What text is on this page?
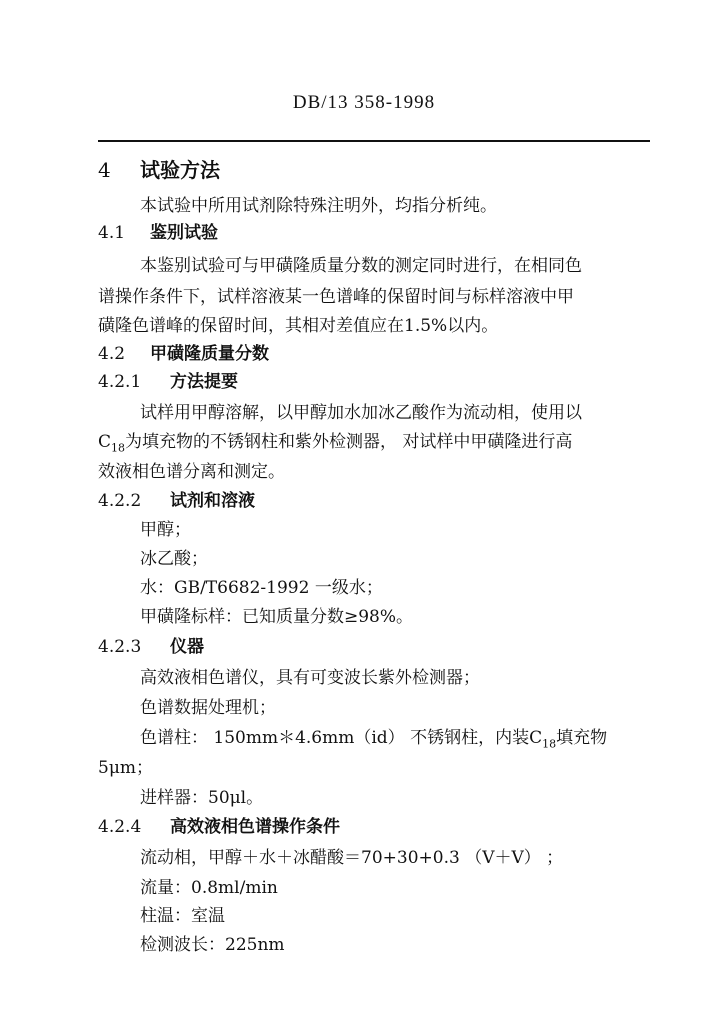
DB/13 358-1998
4 试验方法
本试验中所用试剂除特殊注明外，均指分析纯。
4.1 鉴别试验
本鉴别试验可与甲磺隆质量分数的测定同时进行，在相同色
谱操作条件下，试样溶液某一色谱峰的保留时间与标样溶液中甲
磺隆色谱峰的保留时间，其相对差值应在1.5%以内。
4.2 甲磺隆质量分数
4.2.1 方法提要
试样用甲醇溶解，以甲醇加水加冰乙酸作为流动相，使用以
$C_{18}$为填充物的不锈钢柱和紫外检测器， 对试样中甲磺隆进行高
效液相色谱分离和测定。
4.2.2 试剂和溶液
甲醇；
冰乙酸；
水：GB/T6682-1992 一级水；
甲磺隆标样：已知质量分数≥98%。
4.2.3 仪器
高效液相色谱仪，具有可变波长紫外检测器；
色谱数据处理机；
色谱柱： 150mm＊4.6mm（id） 不锈钢柱，内装$C_{18}$填充物
5μm；
进样器：50μl。
4.2.4 高效液相色谱操作条件
流动相，甲醇＋水＋冰醋酸＝70+30+0.3 （V＋V） ；
流量：0.8ml/min
柱温：室温
检测波长：225nm
